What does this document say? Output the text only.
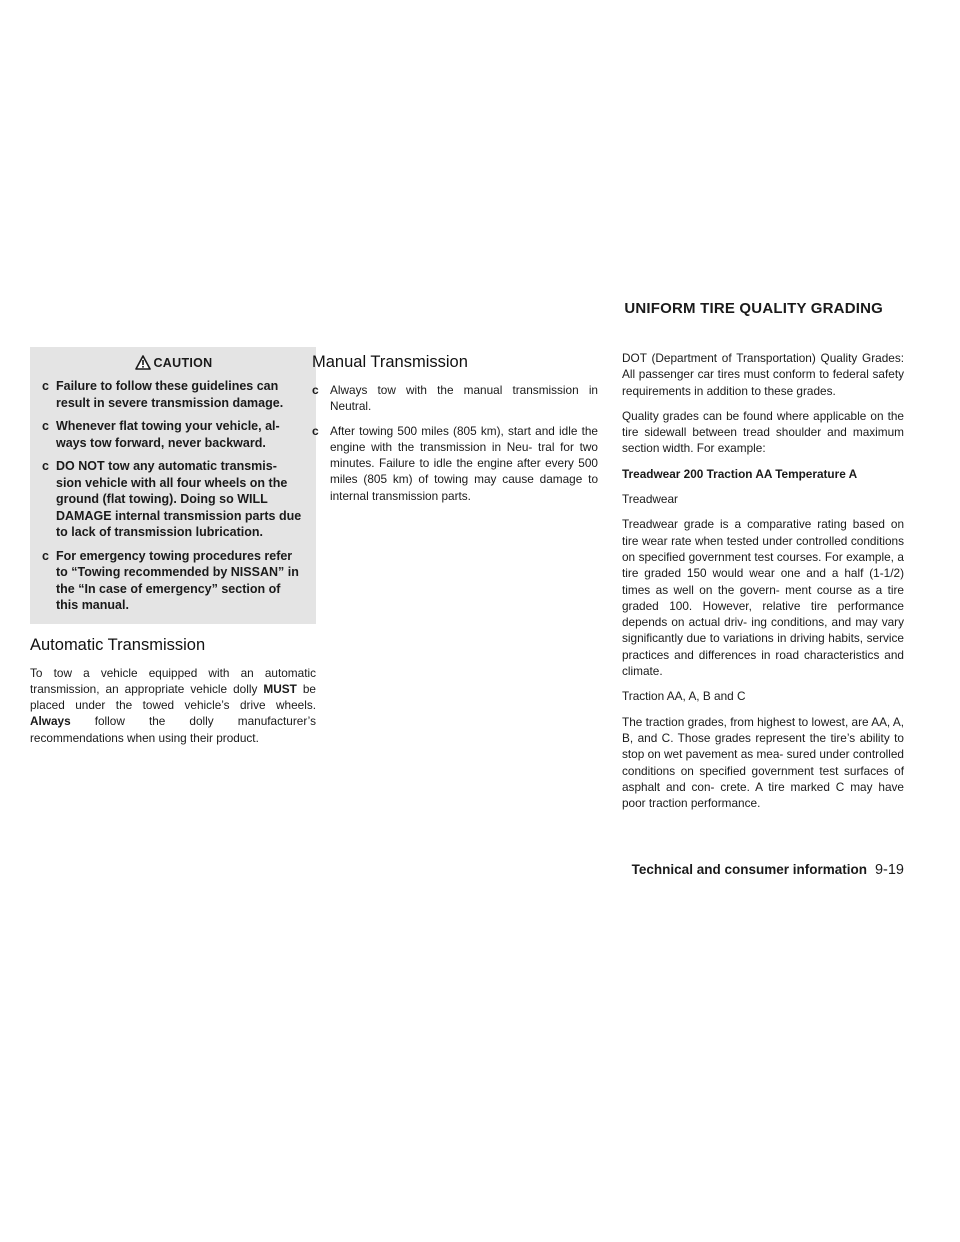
UNIFORM TIRE QUALITY GRADING
CAUTION
c Failure to follow these guidelines can result in severe transmission damage.
c Whenever flat towing your vehicle, al- ways tow forward, never backward.
c DO NOT tow any automatic transmis- sion vehicle with all four wheels on the ground (flat towing). Doing so WILL DAMAGE internal transmission parts due to lack of transmission lubrication.
c For emergency towing procedures refer to “Towing recommended by NISSAN” in the “In case of emergency” section of this manual.
Automatic Transmission

To tow a vehicle equipped with an automatic transmission, an appropriate vehicle dolly MUST be placed under the towed vehicle’s drive wheels. Always follow the dolly manufacturer’s recommendations when using their product.

Manual Transmission
c Always tow with the manual transmission in Neutral.
c After towing 500 miles (805 km), start and idle the engine with the transmission in Neu- tral for two minutes. Failure to idle the engine after every 500 miles (805 km) of towing may cause damage to internal transmission parts.

DOT (Department of Transportation) Quality Grades: All passenger car tires must conform to federal safety requirements in addition to these grades.

Quality grades can be found where applicable on the tire sidewall between tread shoulder and maximum section width. For example:

Treadwear 200 Traction AA Temperature A

Treadwear

Treadwear grade is a comparative rating based on tire wear rate when tested under controlled conditions on specified government test courses. For example, a tire graded 150 would wear one and a half (1-1/2) times as well on the govern- ment course as a tire graded 100. However, relative tire performance depends on actual driv- ing conditions, and may vary significantly due to variations in driving habits, service practices and differences in road characteristics and climate.

Traction AA, A, B and C

The traction grades, from highest to lowest, are AA, A, B, and C. Those grades represent the tire’s ability to stop on wet pavement as mea- sured under controlled conditions on specified government test surfaces of asphalt and con- crete. A tire marked C may have poor traction performance.

Technical and consumer information 9-19
